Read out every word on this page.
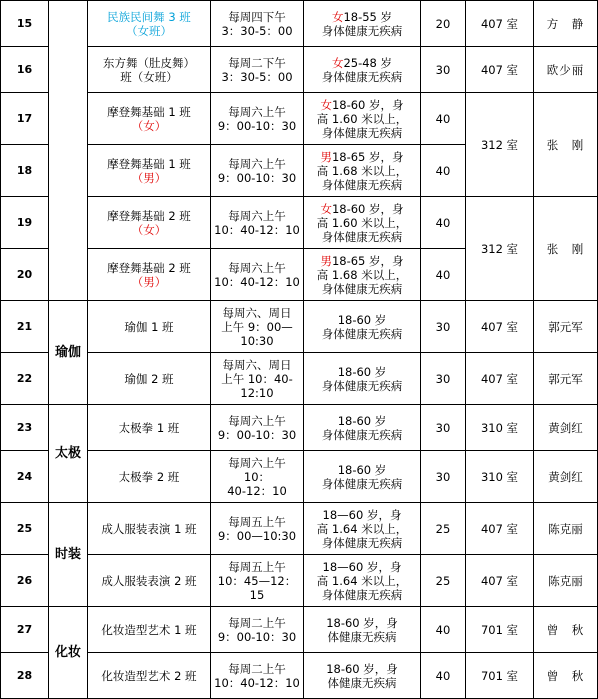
15		民族民间舞 3 班
（女班）	每周四下午
3：30-5：00	女18-55 岁
身体健康无疾病	20	407 室	方　静
16		东方舞（肚皮舞）
班（女班）	每周二下午
3：30-5：00	女25-48 岁
身体健康无疾病	30	407 室	欧少丽
17		摩登舞基础 1 班
（女）	每周六上午
9：00-10：30	女18-60 岁，身
高 1.60 米以上，
身体健康无疾病	40	312 室	张　刚
18		摩登舞基础 1 班
（男）	每周六上午
9：00-10：30	男18-65 岁，身
高 1.68 米以上，
身体健康无疾病	40		
19		摩登舞基础 2 班
（女）	每周六上午
10：40-12：10	女18-60 岁，身
高 1.60 米以上，
身体健康无疾病	40	312 室	张　刚
20		摩登舞基础 2 班
（男）	每周六上午
10：40-12：10	男18-65 岁，身
高 1.68 米以上，
身体健康无疾病	40		
21	瑜伽	瑜伽 1 班	每周六、周日
上午 9：00—
10:30	18-60 岁
身体健康无疾病	30	407 室	郭元军
22		瑜伽 2 班	每周六、周日
上午 10：40-
12:10	18-60 岁
身体健康无疾病	30	407 室	郭元军
23	太极	太极拳 1 班	每周六上午
9：00-10：30	18-60 岁
身体健康无疾病	30	310 室	黄剑红
24		太极拳 2 班	每周六上午
10：
40-12：10	18-60 岁
身体健康无疾病	30	310 室	黄剑红
25	时装	成人服装表演 1 班	每周五上午
9：00—10:30	18—60 岁，身
高 1.64 米以上，
身体健康无疾病	25	407 室	陈克丽
26		成人服装表演 2 班	每周五上午
10：45—12：15	18—60 岁，身
高 1.64 米以上，
身体健康无疾病	25	407 室	陈克丽
27	化妆	化妆造型艺术 1 班	每周二上午
9：00-10：30	18-60 岁，身
体健康无疾病	40	701 室	曾　秋
28		化妆造型艺术 2 班	每周二上午
10：40-12：10	18-60 岁，身
体健康无疾病	40	701 室	曾　秋
